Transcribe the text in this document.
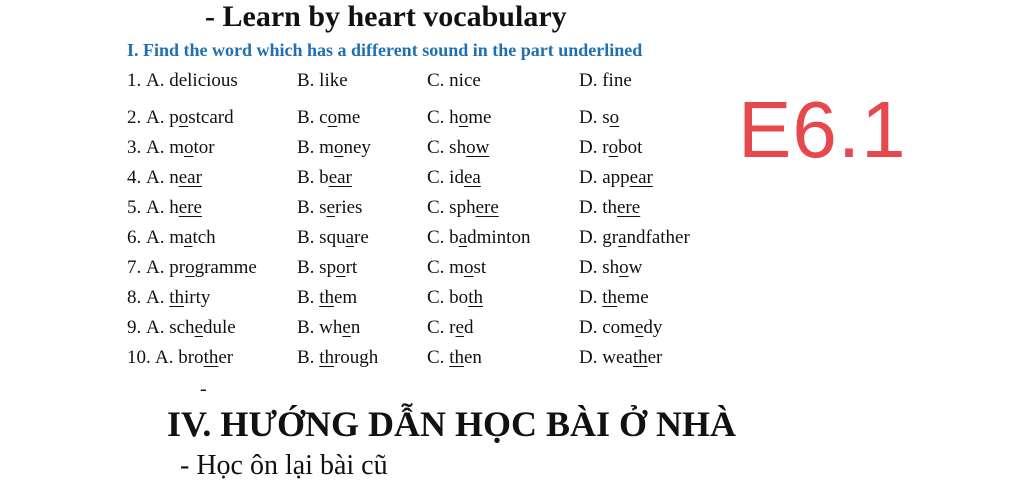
- Learn by heart vocabulary
I. Find the word which has a different sound in the part underlined
1. A. delicious	B. like	C. nice	D. fine
2. A. postcard	B. come	C. home	D. so
3. A. motor	B. money	C. show	D. robot
4. A. near	B. bear	C. idea	D. appear
5. A. here	B. series	C. sphere	D. there
6. A. match	B. square	C. badminton	D. grandfather
7. A. programme B. sport	C. most	D. show
8. A. thirty	B. them	C. both	D. theme
9. A. schedule	B. when	C. red	D. comedy
10. A. brother	B. through	C. then	D. weather
E6.1
-
IV. HƯỚNG DẪN HỌC BÀI Ở NHÀ
- Học ôn lại bài cũ
